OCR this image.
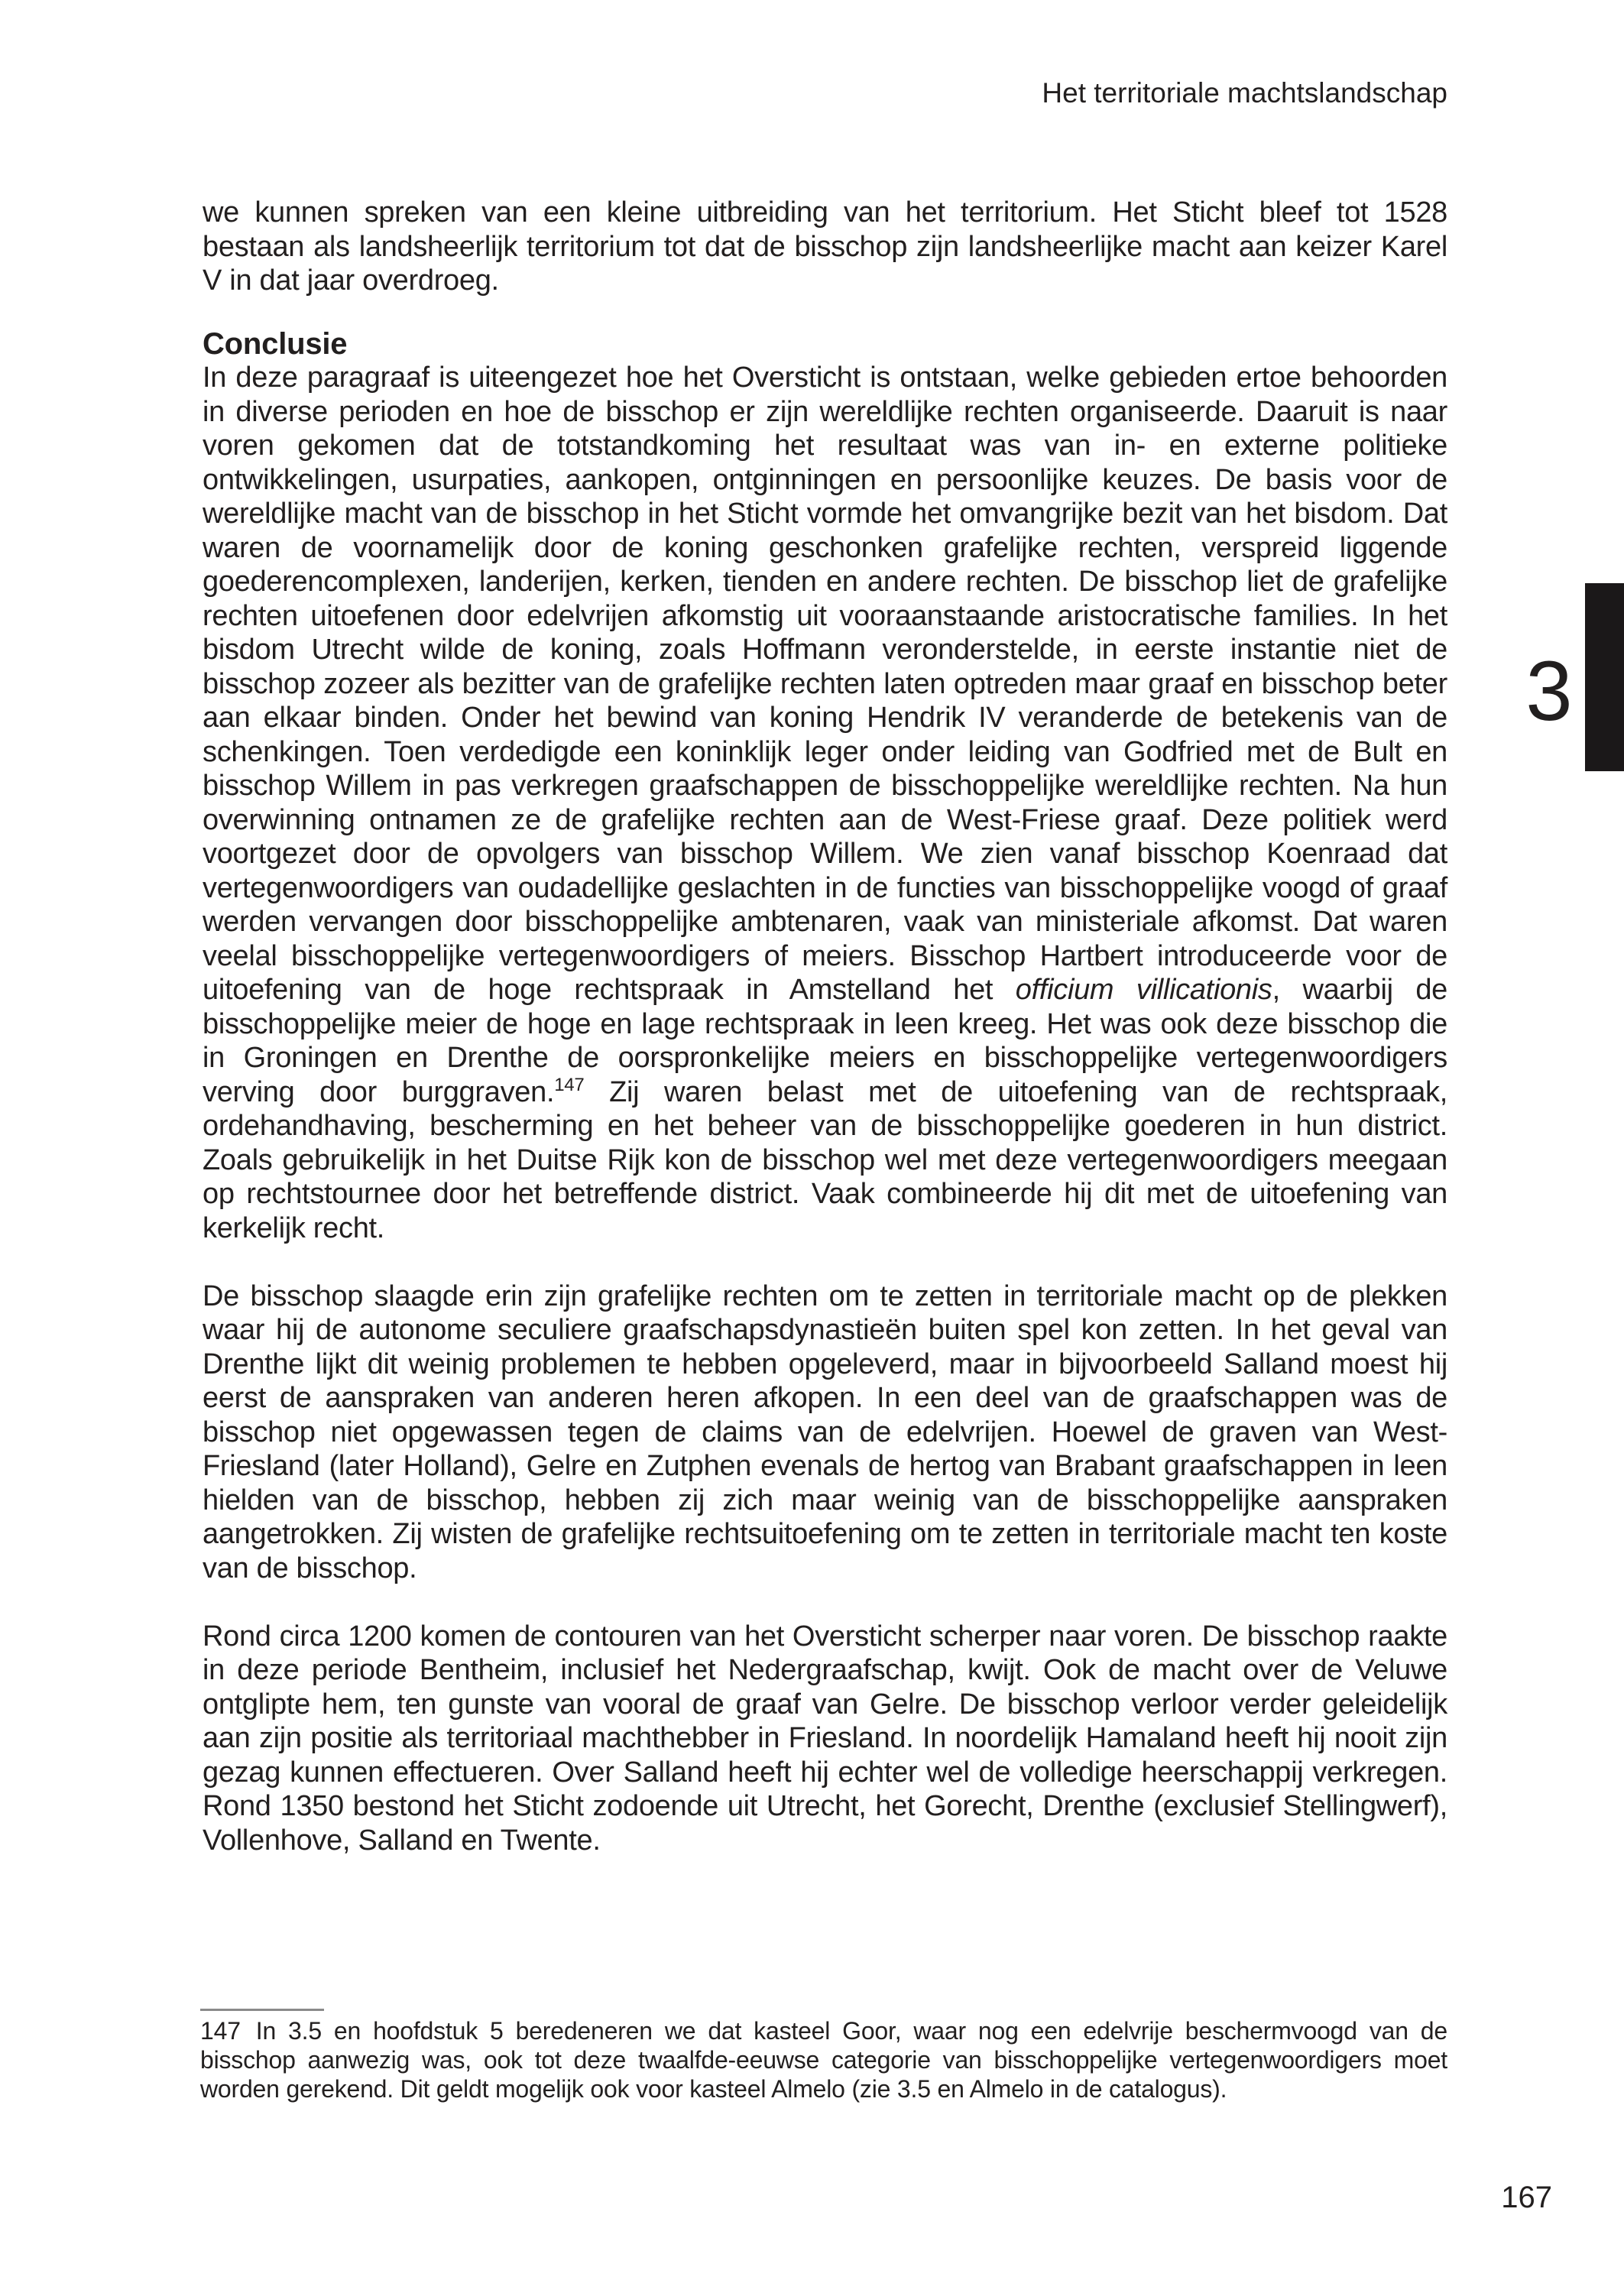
Het territoriale machtslandschap
3

we kunnen spreken van een kleine uitbreiding van het territorium. Het Sticht bleef tot 1528 bestaan als landsheerlijk territorium tot dat de bisschop zijn landsheerlijke macht aan keizer Karel V in dat jaar overdroeg.

Conclusie

In deze paragraaf is uiteengezet hoe het Oversticht is ontstaan, welke gebieden ertoe behoorden in diverse perioden en hoe de bisschop er zijn wereldlijke rechten organiseerde. Daaruit is naar voren gekomen dat de totstandkoming het resultaat was van in- en externe politieke ontwikkelingen, usurpaties, aankopen, ontginningen en persoonlijke keuzes. De basis voor de wereldlijke macht van de bisschop in het Sticht vormde het omvangrijke bezit van het bisdom. Dat waren de voornamelijk door de koning geschonken grafelijke rechten, verspreid liggende goederencomplexen, landerijen, kerken, tienden en andere rechten. De bisschop liet de grafelijke rechten uitoefenen door edelvrijen afkomstig uit vooraanstaande aristocratische families. In het bisdom Utrecht wilde de koning, zoals Hoffmann veronderstelde, in eerste instantie niet de bisschop zozeer als bezitter van de grafelijke rechten laten optreden maar graaf en bisschop beter aan elkaar binden. Onder het bewind van koning Hendrik IV veranderde de betekenis van de schenkingen. Toen verdedigde een koninklijk leger onder leiding van Godfried met de Bult en bisschop Willem in pas verkregen graafschappen de bisschoppelijke wereldlijke rechten. Na hun overwinning ontnamen ze de grafelijke rechten aan de West-Friese graaf. Deze politiek werd voortgezet door de opvolgers van bisschop Willem. We zien vanaf bisschop Koenraad dat vertegenwoordigers van oudadellijke geslachten in de functies van bisschoppelijke voogd of graaf werden vervangen door bisschoppelijke ambtenaren, vaak van ministeriale afkomst. Dat waren veelal bisschoppelijke vertegenwoordigers of meiers. Bisschop Hartbert introduceerde voor de uitoefening van de hoge rechtspraak in Amstelland het officium villicationis, waarbij de bisschoppelijke meier de hoge en lage rechtspraak in leen kreeg. Het was ook deze bisschop die in Groningen en Drenthe de oorspronkelijke meiers en bisschoppelijke vertegenwoordigers verving door burggraven.$^{147}$ Zij waren belast met de uitoefening van de rechtspraak, ordehandhaving, bescherming en het beheer van de bisschoppelijke goederen in hun district. Zoals gebruikelijk in het Duitse Rijk kon de bisschop wel met deze vertegenwoordigers meegaan op rechtstournee door het betreffende district. Vaak combineerde hij dit met de uitoefening van kerkelijk recht.

De bisschop slaagde erin zijn grafelijke rechten om te zetten in territoriale macht op de plekken waar hij de autonome seculiere graafschapsdynastieën buiten spel kon zetten. In het geval van Drenthe lijkt dit weinig problemen te hebben opgeleverd, maar in bijvoorbeeld Salland moest hij eerst de aanspraken van anderen heren afkopen. In een deel van de graafschappen was de bisschop niet opgewassen tegen de claims van de edelvrijen. Hoewel de graven van West-Friesland (later Holland), Gelre en Zutphen evenals de hertog van Brabant graafschappen in leen hielden van de bisschop, hebben zij zich maar weinig van de bisschoppelijke aanspraken aangetrokken. Zij wisten de grafelijke rechtsuitoefening om te zetten in territoriale macht ten koste van de bisschop.

Rond circa 1200 komen de contouren van het Oversticht scherper naar voren. De bisschop raakte in deze periode Bentheim, inclusief het Nedergraafschap, kwijt. Ook de macht over de Veluwe ontglipte hem, ten gunste van vooral de graaf van Gelre. De bisschop verloor verder geleidelijk aan zijn positie als territoriaal machthebber in Friesland. In noordelijk Hamaland heeft hij nooit zijn gezag kunnen effectueren. Over Salland heeft hij echter wel de volledige heerschappij verkregen. Rond 1350 bestond het Sticht zodoende uit Utrecht, het Gorecht, Drenthe (exclusief Stellingwerf), Vollenhove, Salland en Twente.

147 In 3.5 en hoofdstuk 5 beredeneren we dat kasteel Goor, waar nog een edelvrije beschermvoogd van de bisschop aanwezig was, ook tot deze twaalfde-eeuwse categorie van bisschoppelijke vertegenwoordigers moet worden gerekend. Dit geldt mogelijk ook voor kasteel Almelo (zie 3.5 en Almelo in de catalogus).

167
